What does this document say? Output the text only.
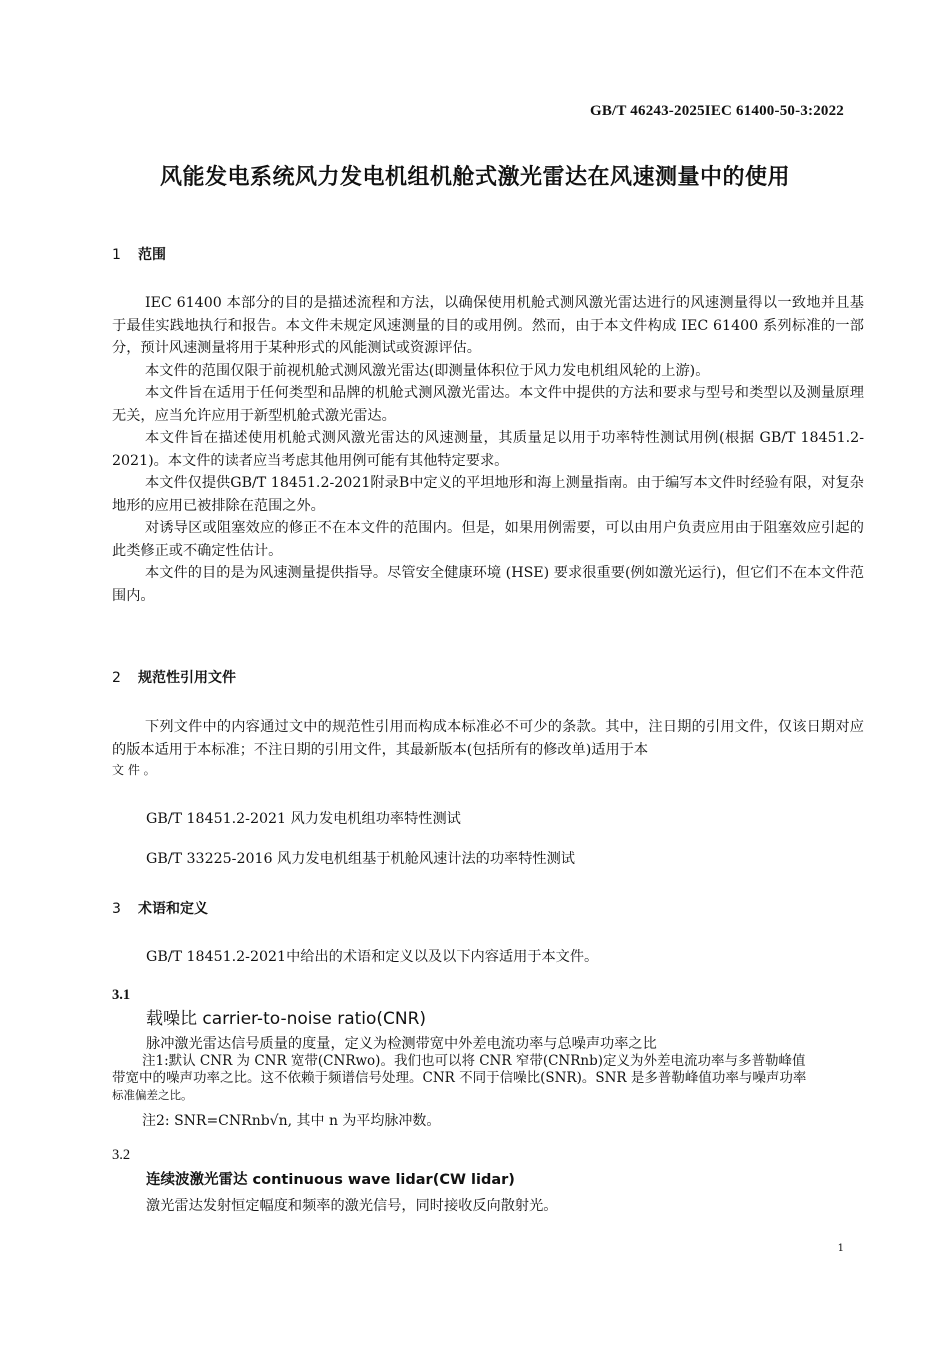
GB/T 46243-2025IEC 61400-50-3:2022
风能发电系统风力发电机组机舱式激光雷达在风速测量中的使用
1 范围

IEC 61400 本部分的目的是描述流程和方法，以确保使用机舱式测风激光雷达进行的风速测量得以一致地并且基于最佳实践地执行和报告。本文件未规定风速测量的目的或用例。然而，由于本文件构成 IEC 61400 系列标准的一部分，预计风速测量将用于某种形式的风能测试或资源评估。

本文件的范围仅限于前视机舱式测风激光雷达(即测量体积位于风力发电机组风轮的上游)。

本文件旨在适用于任何类型和品牌的机舱式测风激光雷达。本文件中提供的方法和要求与型号和类型以及测量原理无关，应当允许应用于新型机舱式激光雷达。

本文件旨在描述使用机舱式测风激光雷达的风速测量，其质量足以用于功率特性测试用例(根据 GB/T 18451.2-2021)。本文件的读者应当考虑其他用例可能有其他特定要求。

本文件仅提供GB/T 18451.2-2021附录B中定义的平坦地形和海上测量指南。由于编写本文件时经验有限，对复杂地形的应用已被排除在范围之外。

对诱导区或阻塞效应的修正不在本文件的范围内。但是，如果用例需要，可以由用户负责应用由于阻塞效应引起的此类修正或不确定性估计。

本文件的目的是为风速测量提供指导。尽管安全健康环境 (HSE) 要求很重要(例如激光运行)，但它们不在本文件范围内。

2 规范性引用文件

下列文件中的内容通过文中的规范性引用而构成本标准必不可少的条款。其中，注日期的引用文件，仅该日期对应的版本适用于本标准；不注日期的引用文件，其最新版本(包括所有的修改单)适用于本

文 件 。
GB/T 18451.2-2021 风力发电机组功率特性测试
GB/T 33225-2016 风力发电机组基于机舱风速计法的功率特性测试
3 术语和定义
GB/T 18451.2-2021中给出的术语和定义以及以下内容适用于本文件。
3.1
载噪比 carrier-to-noise ratio(CNR)
脉冲激光雷达信号质量的度量，定义为检测带宽中外差电流功率与总噪声功率之比

注1:默认 CNR 为 CNR 宽带(CNRwo)。我们也可以将 CNR 窄带(CNRnb)定义为外差电流功率与多普勒峰值

带宽中的噪声功率之比。这不依赖于频谱信号处理。CNR 不同于信噪比(SNR)。SNR 是多普勒峰值功率与噪声功率

标准偏差之比。

注2: SNR=CNRnb√n, 其中 n 为平均脉冲数。
3.2
连续波激光雷达 continuous wave lidar(CW lidar)
激光雷达发射恒定幅度和频率的激光信号，同时接收反向散射光。
1
